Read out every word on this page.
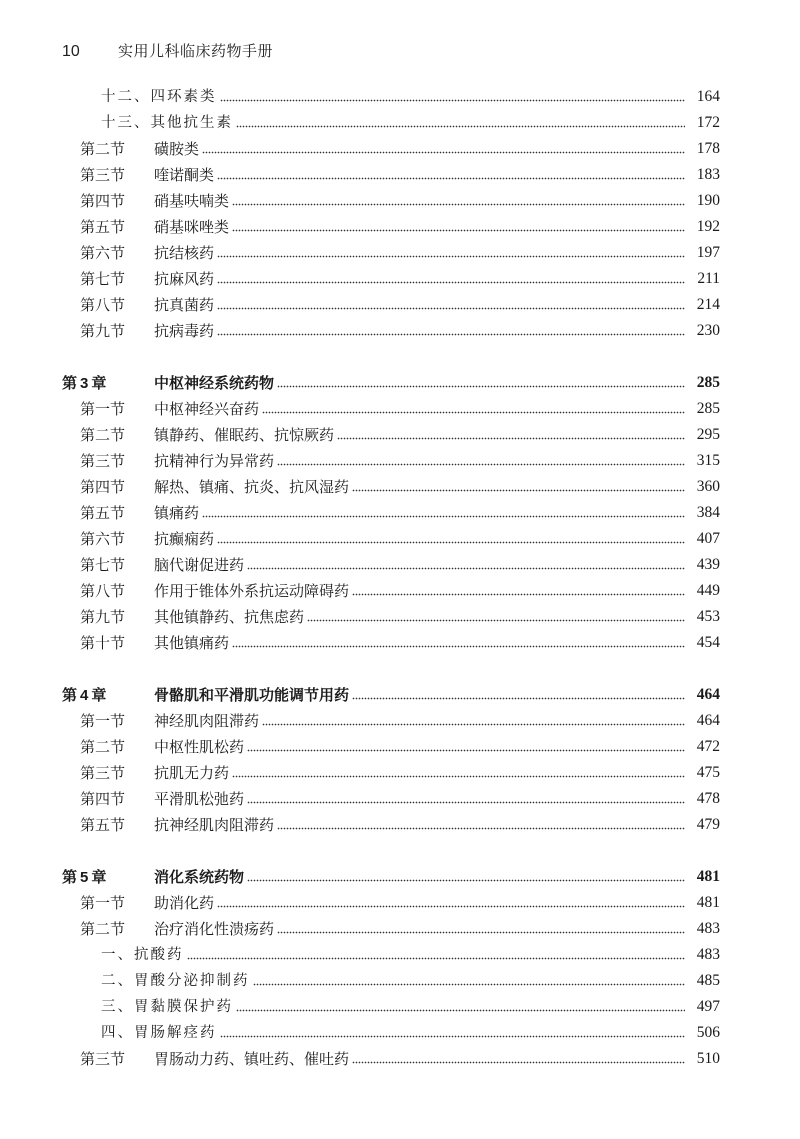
10	实用儿科临床药物手册
十二、四环素类	164
十三、其他抗生素	172
第二节	磺胺类	178
第三节	喹诺酮类	183
第四节	硝基呋喃类	190
第五节	硝基咪唑类	192
第六节	抗结核药	197
第七节	抗麻风药	211
第八节	抗真菌药	214
第九节	抗病毒药	230
第 3 章	中枢神经系统药物	285
第一节	中枢神经兴奋药	285
第二节	镇静药、催眠药、抗惊厥药	295
第三节	抗精神行为异常药	315
第四节	解热、镇痛、抗炎、抗风湿药	360
第五节	镇痛药	384
第六节	抗癫痫药	407
第七节	脑代谢促进药	439
第八节	作用于锥体外系抗运动障碍药	449
第九节	其他镇静药、抗焦虑药	453
第十节	其他镇痛药	454
第 4 章	骨骼肌和平滑肌功能调节用药	464
第一节	神经肌肉阻滞药	464
第二节	中枢性肌松药	472
第三节	抗肌无力药	475
第四节	平滑肌松弛药	478
第五节	抗神经肌肉阻滞药	479
第 5 章	消化系统药物	481
第一节	助消化药	481
第二节	治疗消化性溃疡药	483
一、抗酸药	483
二、胃酸分泌抑制药	485
三、胃黏膜保护药	497
四、胃肠解痉药	506
第三节	胃肠动力药、镇吐药、催吐药	510
